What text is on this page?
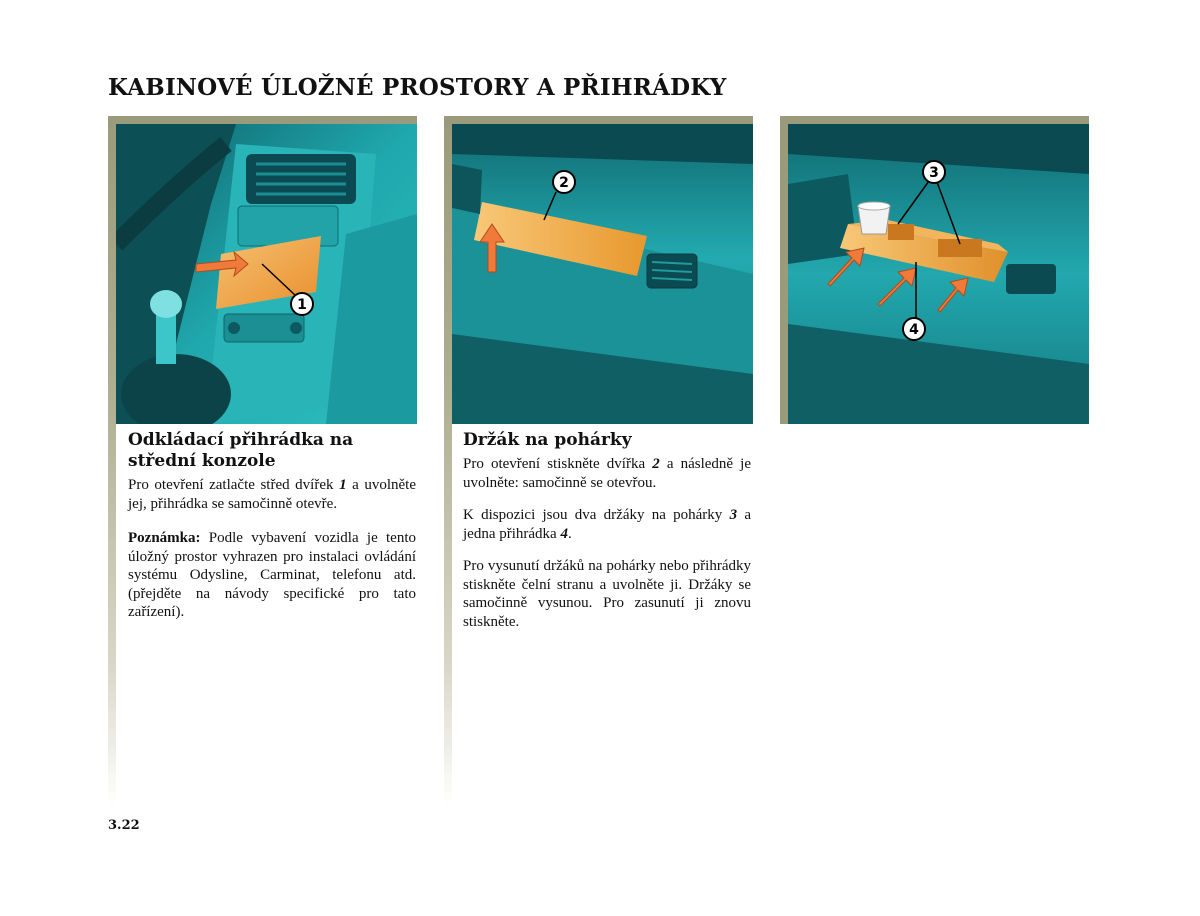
KABINOVÉ ÚLOŽNÉ PROSTORY A PŘIHRÁDKY
1
2
3
4
Odkládací přihrádka na střední konzole

Pro otevření zatlačte střed dvířek 1 a uvolněte jej, přihrádka se samočinně otevře.

Poznámka: Podle vybavení vozidla je tento úložný prostor vyhrazen pro instalaci ovládání systému Odysline, Carminat, telefonu atd. (přejděte na návody specifické pro tato zařízení).

Držák na pohárky

Pro otevření stiskněte dvířka 2 a následně je uvolněte: samočinně se otevřou.

K dispozici jsou dva držáky na pohárky 3 a jedna přihrádka 4.

Pro vysunutí držáků na pohárky nebo přihrádky stiskněte čelní stranu a uvolněte ji. Držáky se samočinně vysunou. Pro zasunutí ji znovu stiskněte.

3.22
